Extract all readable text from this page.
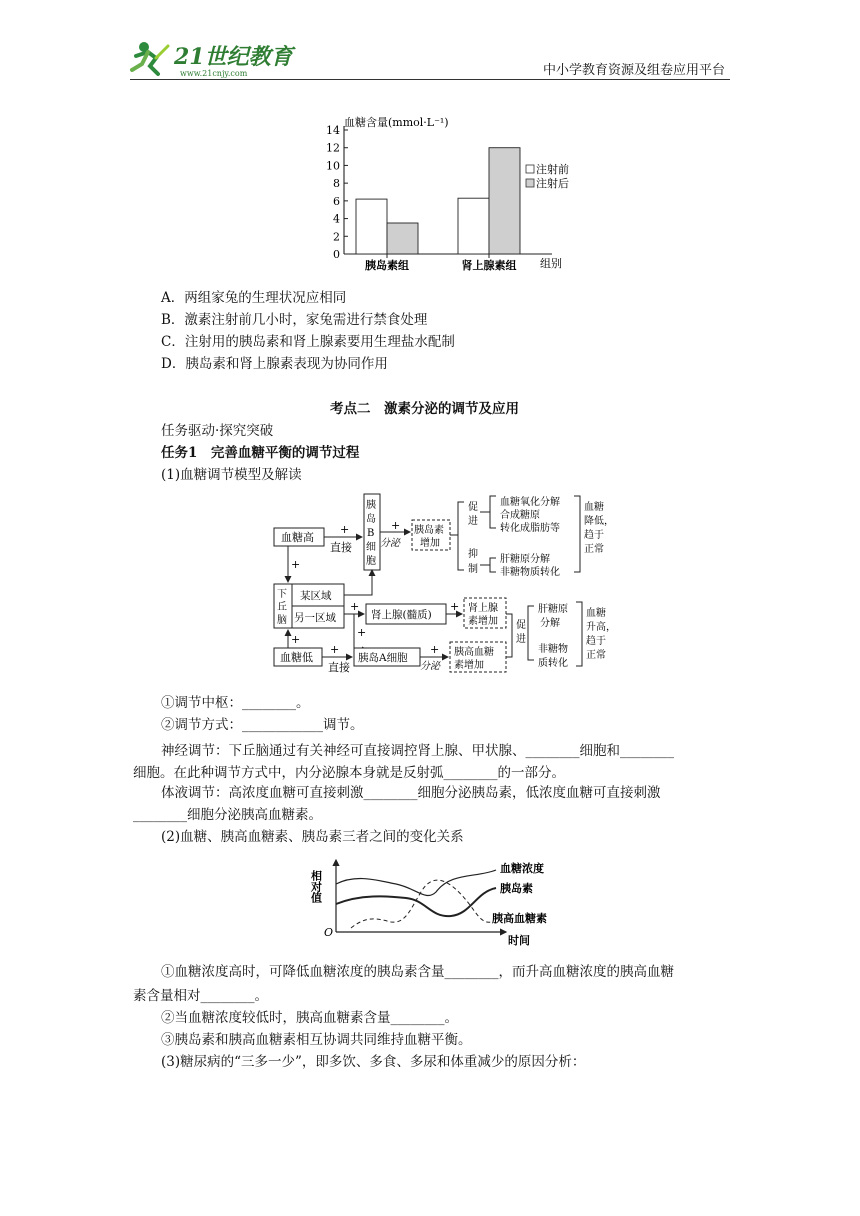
21世纪教育
www.21cnjy.com	中小学教育资源及组卷应用平台
14
12
10
8
6
4
2
0
胰岛素组	肾上腺素组
血糖含量(mmol·L⁻¹)
组别
注射前
注射后
A．两组家兔的生理状况应相同
B．激素注射前几小时，家兔需进行禁食处理
C．注射用的胰岛素和肾上腺素要用生理盐水配制
D．胰岛素和肾上腺素表现为协同作用
考点二　激素分泌的调节及应用
任务驱动·探究突破
任务1　完善血糖平衡的调节过程
(1)血糖调节模型及解读
血糖高
+
直接
胰
岛
B
细
胞
+
分泌
胰岛素
增加
促
进
抑
制
血糖氧化分解
合成糖原
转化成脂肪等
肝糖原分解
非糖物质转化
血糖
降低，
趋于
正常
+
下
丘
脑
某区域
另一区域
+
肾上腺(髓质)
+ 肾上腺
素增加
+
血糖低
+
+
直接
胰岛A细胞
+
分泌
胰高血糖
素增加
促
进
肝糖原
分解
非糖物
质转化
血糖
升高，
趋于
正常
①调节中枢：________。
②调节方式：____________调节。
神经调节：下丘脑通过有关神经可直接调控肾上腺、甲状腺、________细胞和________
细胞。在此种调节方式中，内分泌腺本身就是反射弧________的一部分。
体液调节：高浓度血糖可直接刺激________细胞分泌胰岛素，低浓度血糖可直接刺激
________细胞分泌胰高血糖素。
(2)血糖、胰高血糖素、胰岛素三者之间的变化关系
O
相对值
时间
血糖浓度
胰岛素
胰高血糖素
①血糖浓度高时，可降低血糖浓度的胰岛素含量________，而升高血糖浓度的胰高血糖
素含量相对________。
②当血糖浓度较低时，胰高血糖素含量________。
③胰岛素和胰高血糖素相互协调共同维持血糖平衡。
(3)糖尿病的“三多一少”，即多饮、多食、多尿和体重减少的原因分析：
